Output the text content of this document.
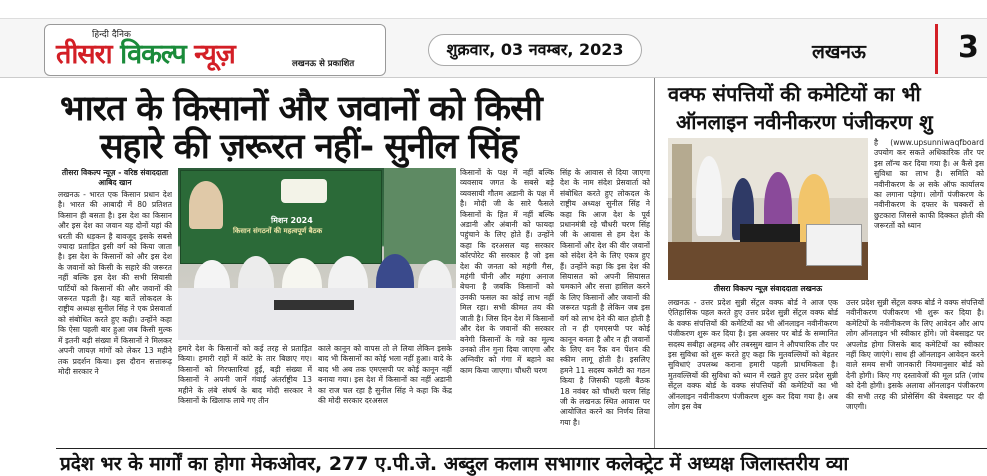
हिन्दी दैनिक
तीसरा विकल्प न्यूज़	लखनऊ से प्रकाशित
शुक्रवार, 03 नवम्बर, 2023	लखनऊ	3
भारत के किसानों और जवानों को किसी
सहारे की ज़रूरत नहीं- सुनील सिंह
तीसरा विकल्प न्यूज़ - वरिष्ठ संवाददाता आबिद खान
लखनऊ - भारत एक किसान प्रधान देश है। भारत की आबादी में 80 प्रतिशत किसान ही बसता है। इस देश का किसान और इस देश का जवान यह दोनों यहां की धरती की धड़कन है बावजूद इसके सबसे ज्यादा प्रताड़ित इसी वर्ग को किया जाता है। इस देश के किसानों को और इस देश के जवानों को किसी के सहारे की जरूरत नहीं बल्कि इस देश की सभी सियासी पार्टियों को किसानों की और जवानों की जरूरत पड़ती है। यह बातें लोकदल के राष्ट्रीय अध्यक्ष सुनील सिंह ने एक प्रेसवार्ता को संबोधित करते हुए कही। उन्होंने कहा कि ऐसा पहली बार हुआ जब किसी मुल्क में इतनी बड़ी संख्या में किसानों ने मिलकर अपनी जायज़ मांगों को लेकर 13 महीने तक प्रदर्शन किया। इस दौरान सत्तारूढ़ मोदी सरकार ने
मिशन 2024
किसान संगठनों की महत्वपूर्ण बैठक
हमारे देश के किसानों को कई तरह से प्रताड़ित किया। हमारी राहों में कांटे के तार बिछाए गए। किसानों को गिरफ्तारियां हुईं, बड़ी संख्या में किसानों ने अपनी जानें गंवाईं अंतर्राष्ट्रीय 13 महीने के लंबे संघर्ष के बाद मोदी सरकार ने किसानों के खिलाफ लाये गए तीन
काले कानून को वापस तो ले लिया लेकिन इसके बाद भी किसानों का कोई भला नहीं हुआ। वादे के बाद भी अब तक एमएसपी पर कोई कानून नहीं बनाया गया। इस देश में किसानों का नहीं अडानी का राज चल रहा है सुनील सिंह ने कहा कि केंद्र की मोदी सरकार दरअसल
किसानों के पक्ष में नहीं बल्कि व्यवसाय जगत के सबसे बड़े व्यवसायी गौतम अडानी के पक्ष में है। मोदी जी के सारे फैसले किसानों के हित में नहीं बल्कि अडानी और अंबानी को फायदा पहुंचाने के लिए होते हैं। उन्होंने कहा कि दरअसल यह सरकार कॉरपोरेट की सरकार है जो इस देश की जनता को महंगी गैस, महंगी चीनी और महंगा अनाज बेचना है जबकि किसानों को उनकी फसल का कोई लाभ नहीं मिल रहा। सभी कीमत तय की जाती है। जिस दिन देश में किसानों और देश के जवानों की सरकार बनेगी किसानों के गन्ने का मूल्य उनको तीन गुना दिया जाएगा और अग्निवीर को गंगा में बहाने का काम किया जाएगा। चौधरी चरण
सिंह के आवास से दिया जाएगा देश के नाम संदेश प्रेसवार्ता को संबोधित करते हुए लोकदल के राष्ट्रीय अध्यक्ष सुनील सिंह ने कहा कि आज देश के पूर्व प्रधानमंत्री रहे चौधरी चरण सिंह जी के आवास से हम देश के किसानों और देश की वीर जवानों को संदेश देने के लिए एकत्र हुए हैं। उन्होंने कहा कि इस देश की सियासत को अपनी सियासत चमकाने और सत्ता हासिल करने के लिए किसानों और जवानों की जरूरत पड़ती है लेकिन जब इस वर्ग को लाभ देने की बात होती है तो न ही एमएसपी पर कोई कानून बनता है और न ही जवानों के लिए वन रैंक वन पेंशन की स्कीम लागू होती है। इसलिए हमने 11 सदस्य कमेटी का गठन किया है जिसकी पहली बैठक 18 नवंबर को चौधरी चरण सिंह जी के लखनऊ स्थित आवास पर आयोजित करने का निर्णय लिया गया है।
वक्फ संपत्तियों की कमेटियों का भी
ऑनलाइन नवीनीकरण पंजीकरण शु
है (www.upsunniwaqfboard उपयोग कर सकते अधिकारिक तौर पर इस लॉन्च कर दिया गया है। अ कैसे इस सुविधा का लाभ है। समिति को नवीनीकरण के अ सके ऑफ कार्यालय का लगाना पड़ेगा। लोगों पंजीकरण के नवीनीकरण के दफ्तर के चक्करों से छुटकारा जिससे काफी दिक्कत होती की जरूरतों को ध्यान
तीसरा विकल्प न्यूज़ संवाददाता लखनऊ
लखनऊ - उत्तर प्रदेश सुन्नी सेंट्रल वक्फ बोर्ड ने आज एक ऐतिहासिक पहल करते हुए उत्तर प्रदेश सुन्नी सेंट्रल वक्फ बोर्ड के वक्फ संपत्तियों की कमेटियों का भी ऑनलाइन नवीनीकरण पंजीकरण शुरू कर दिया है। इस अवसर पर बोर्ड के सम्मानित सदस्य सबीहा अहमद और तबस्सुम खान ने औपचारिक तौर पर इस सुविधा को शुरू करते हुए कहा कि मुतवल्लियों को बेहतर सुविधाएं उपलब्ध कराना हमारी पहली प्राथमिकता है। मुतवल्लियों की सुविधा को ध्यान में रखते हुए उत्तर प्रदेश सुन्नी सेंट्रल वक्फ बोर्ड के वक्फ संपत्तियों की कमेटियों का भी ऑनलाइन नवीनीकरण पंजीकरण शुरू कर दिया गया है। अब लोग इस वेब
उत्तर प्रदेश सुन्नी सेंट्रल वक्फ बोर्ड ने वक्फ संपत्तियों नवीनीकरण पंजीकरण भी शुरू कर दिया है। कमेटियों के नवीनीकरण के लिए आवेदन और आप लोग ऑनलाइन भी स्वीकार होंगे। जो वेबसाइट पर अपलोड होगा जिसके बाद कमेटियों का स्वीकार नहीं किए जाएंगे। साथ ही ऑनलाइन आवेदन करने वाले समय सभी जानकारी नियमानुसार बोर्ड को देनी होगी। किए गए दस्तावेजों की मूल प्रति (जांच को देनी होगी। इसके अलावा ऑनलाइन पंजीकरण की सभी तरह की प्रोसेसिंग की वेबसाइट पर दी जाएगी।
प्रदेश भर के मार्गों का होगा मेकओवर, 277 ए.पी.जे. अब्दुल कलाम सभागार कलेक्ट्रेट में अध्यक्ष जिलास्तरीय व्या
